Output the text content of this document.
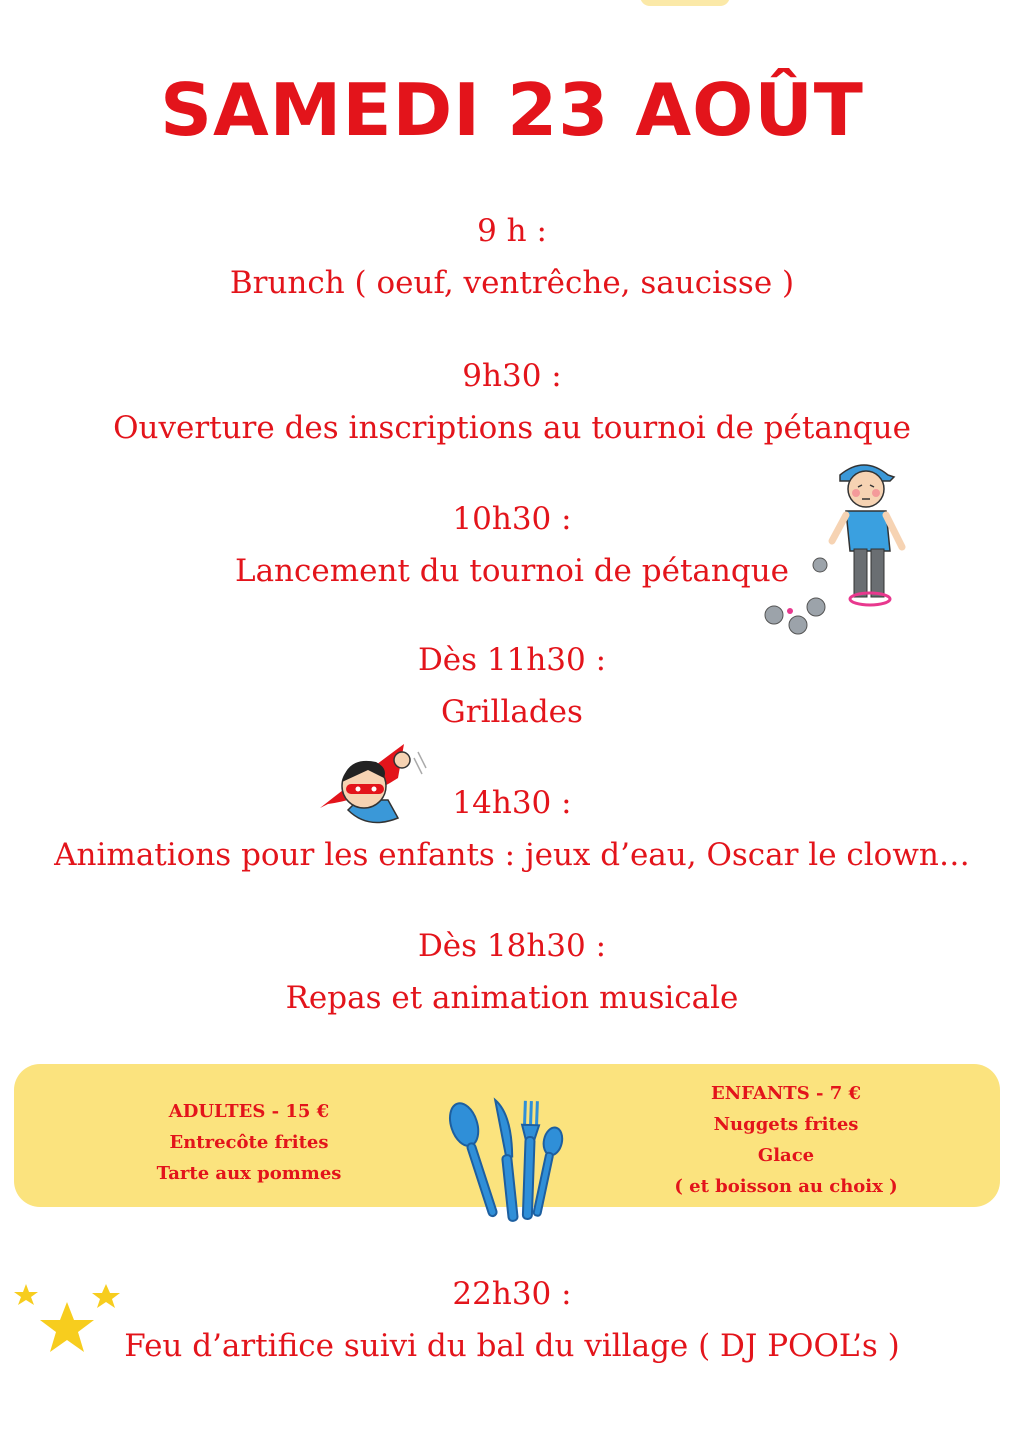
SAMEDI 23 AOÛT
9 h :
Brunch ( oeuf, ventrêche, saucisse )
9h30 :
Ouverture des inscriptions au tournoi de pétanque
10h30 :
Lancement du tournoi de pétanque
Dès 11h30 :
Grillades
14h30 :
Animations pour les enfants : jeux d’eau, Oscar le clown…
Dès 18h30 :
Repas et animation musicale
22h30 :
Feu d’artifice suivi du bal du village ( DJ POOL’s )
ADULTES - 15 €
Entrecôte frites
Tarte aux pommes
ENFANTS - 7 €
Nuggets frites
Glace
( et boisson au choix )
